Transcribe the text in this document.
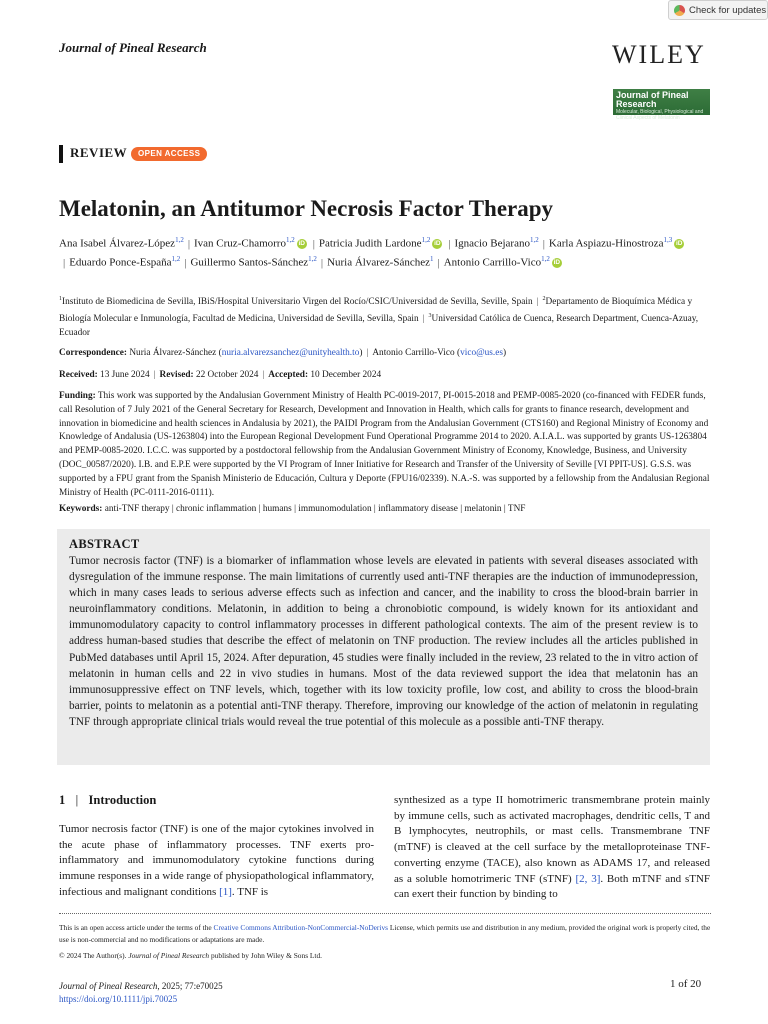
Check for updates
Journal of Pineal Research	WILEY
Journal of Pineal Research
Molecular, Biological, Physiological and Clinical Aspects of Melatonin
REVIEW	OPEN ACCESS
Melatonin, an Antitumor Necrosis Factor Therapy
Ana Isabel Álvarez-López$^{1,2}$ | Ivan Cruz-Chamorro$^{1,2}$ iD | Patricia Judith Lardone$^{1,2}$ iD | Ignacio Bejarano$^{1,2}$ | Karla Aspiazu-Hinostroza$^{1,3}$ iD| Eduardo Ponce-España$^{1,2}$ | Guillermo Santos-Sánchez$^{1,2}$ | Nuria Álvarez-Sánchez$^1$ | Antonio Carrillo-Vico$^{1,2}$ iD
$^1$Instituto de Biomedicina de Sevilla, IBiS/Hospital Universitario Virgen del Rocío/CSIC/Universidad de Sevilla, Seville, Spain | $^2$Departamento de Bioquímica Médica y Biología Molecular e Inmunología, Facultad de Medicina, Universidad de Sevilla, Sevilla, Spain | $^3$Universidad Católica de Cuenca, Research Department, Cuenca-Azuay, Ecuador
Correspondence: Nuria Álvarez-Sánchez (nuria.alvarezsanchez@unityhealth.to) | Antonio Carrillo-Vico (vico@us.es)
Received: 13 June 2024 | Revised: 22 October 2024 | Accepted: 10 December 2024
Funding: This work was supported by the Andalusian Government Ministry of Health PC-0019-2017, PI-0015-2018 and PEMP-0085-2020 (co-financed with FEDER funds, call Resolution of 7 July 2021 of the General Secretary for Research, Development and Innovation in Health, which calls for grants to finance research, development and innovation in biomedicine and health sciences in Andalusia by 2021), the PAIDI Program from the Andalusian Government (CTS160) and Regional Ministry of Economy and Knowledge of Andalusia (US-1263804) into the European Regional Development Fund Operational Programme 2014 to 2020. A.I.A.L. was supported by grants US-1263804 and PEMP-0085-2020. I.C.C. was supported by a postdoctoral fellowship from the Andalusian Government Ministry of Economy, Knowledge, Business, and University (DOC_00587/2020). I.B. and E.P.E were supported by the VI Program of Inner Initiative for Research and Transfer of the University of Seville [VI PPIT-US]. G.S.S. was supported by a FPU grant from the Spanish Ministerio de Educación, Cultura y Deporte (FPU16/02339). N.A.-S. was supported by a fellowship from the Andalusian Regional Ministry of Health (PC-0111-2016-0111).
Keywords: anti-TNF therapy | chronic inflammation | humans | immunomodulation | inflammatory disease | melatonin | TNF
ABSTRACT

Tumor necrosis factor (TNF) is a biomarker of inflammation whose levels are elevated in patients with several diseases associated with dysregulation of the immune response. The main limitations of currently used anti-TNF therapies are the induction of immunodepression, which in many cases leads to serious adverse effects such as infection and cancer, and the inability to cross the blood-brain barrier in neuroinflammatory conditions. Melatonin, in addition to being a chronobiotic compound, is widely known for its antioxidant and immunomodulatory capacity to control inflammatory processes in different pathological contexts. The aim of the present review is to address human-based studies that describe the effect of melatonin on TNF production. The review includes all the articles published in PubMed databases until April 15, 2024. After depuration, 45 studies were finally included in the review, 23 related to the in vitro action of melatonin in human cells and 22 in vivo studies in humans. Most of the data reviewed support the idea that melatonin has an immunosuppressive effect on TNF levels, which, together with its low toxicity profile, low cost, and ability to cross the blood-brain barrier, points to melatonin as a potential anti-TNF therapy. Therefore, improving our knowledge of the action of melatonin in regulating TNF through appropriate clinical trials would reveal the true potential of this molecule as a possible anti-TNF therapy.

1  |  Introduction

Tumor necrosis factor (TNF) is one of the major cytokines involved in the acute phase of inflammatory processes. TNF exerts pro-inflammatory and immunomodulatory cytokine functions during immune responses in a wide range of physiopathological inflammatory, infectious and malignant conditions [1]. TNF is

synthesized as a type II homotrimeric transmembrane protein mainly by immune cells, such as activated macrophages, dendritic cells, T and B lymphocytes, neutrophils, or mast cells. Transmembrane TNF (mTNF) is cleaved at the cell surface by the metalloproteinase TNF-converting enzyme (TACE), also known as ADAMS 17, and released as a soluble homotrimeric TNF (sTNF) [2, 3]. Both mTNF and sTNF can exert their function by binding to

This is an open access article under the terms of the Creative Commons Attribution-NonCommercial-NoDerivs License, which permits use and distribution in any medium, provided the original work is properly cited, the use is non-commercial and no modifications or adaptations are made.
© 2024 The Author(s). Journal of Pineal Research published by John Wiley & Sons Ltd.
Journal of Pineal Research, 2025; 77:e70025
https://doi.org/10.1111/jpi.70025
1 of 20
